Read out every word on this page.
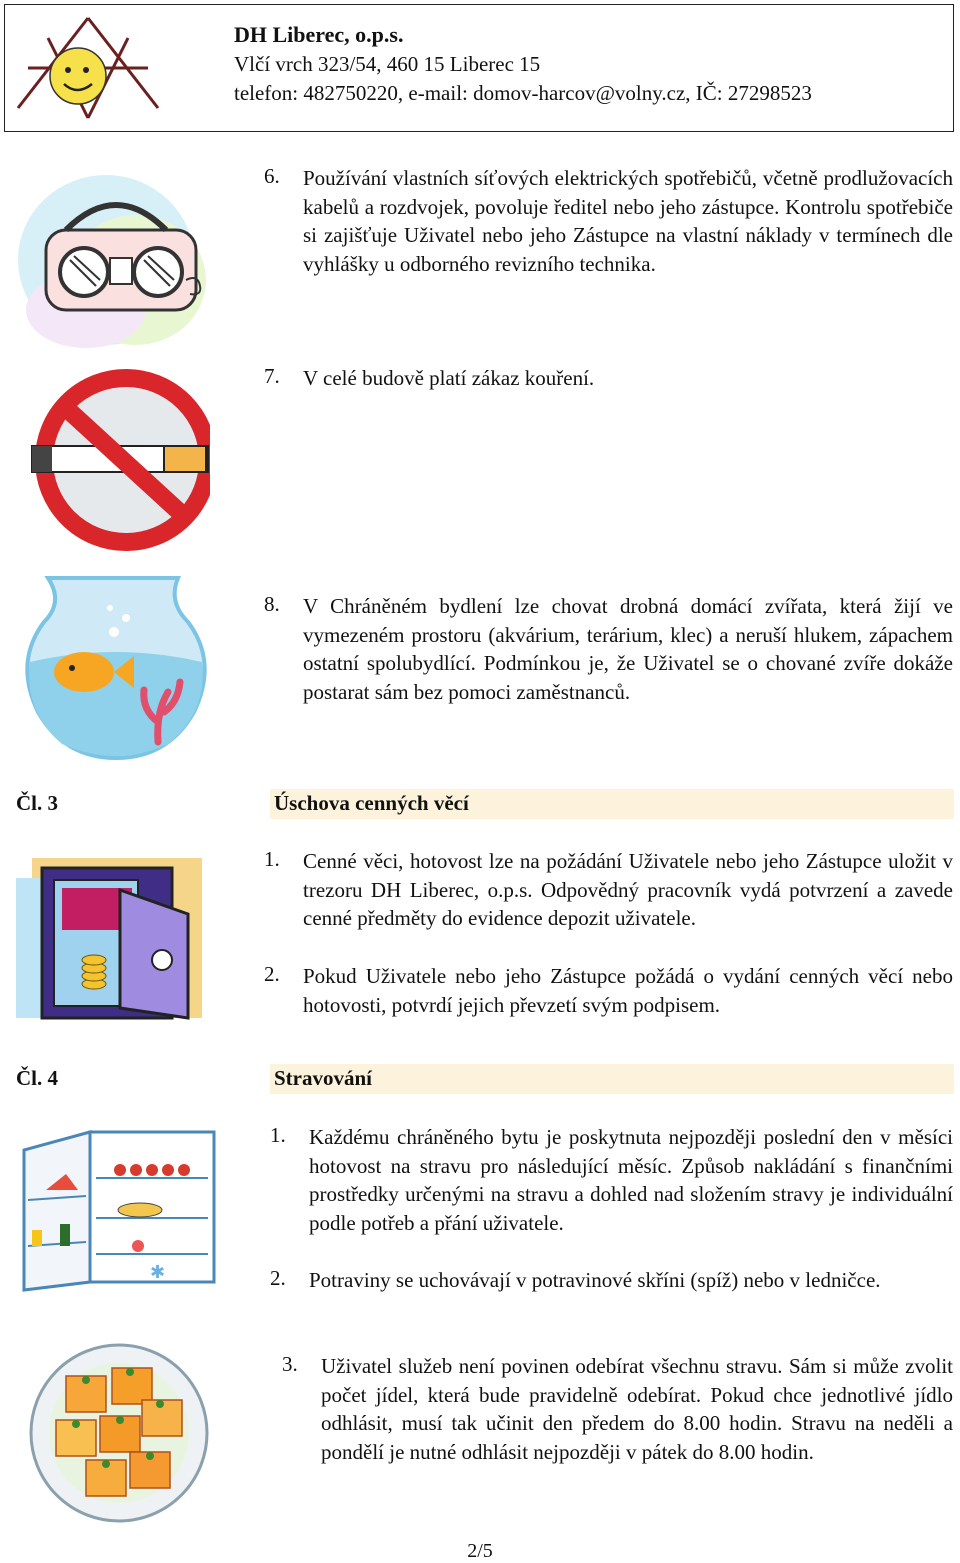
DH Liberec, o.p.s.
Vlčí vrch 323/54, 460 15 Liberec 15
telefon: 482750220, e-mail: domov-harcov@volny.cz, IČ: 27298523
6. Používání vlastních síťových elektrických spotřebičů, včetně prodlužovacích kabelů a rozdvojek, povoluje ředitel nebo jeho zástupce. Kontrolu spotřebiče si zajišťuje Uživatel nebo jeho Zástupce na vlastní náklady v termínech dle vyhlášky u odborného revizního technika.
7. V celé budově platí zákaz kouření.
8. V Chráněném bydlení lze chovat drobná domácí zvířata, která žijí ve vymezeném prostoru (akvárium, terárium, klec) a neruší hlukem, zápachem ostatní spolubydlící. Podmínkou je, že Uživatel se o chované zvíře dokáže postarat sám bez pomoci zaměstnanců.
Čl. 3	Úschova cenných věcí
1. Cenné věci, hotovost lze na požádání Uživatele nebo jeho Zástupce uložit v trezoru DH Liberec, o.p.s. Odpovědný pracovník vydá potvrzení a zavede cenné předměty do evidence depozit uživatele.
2. Pokud Uživatele nebo jeho Zástupce požádá o vydání cenných věcí nebo hotovosti, potvrdí jejich převzetí svým podpisem.
Čl. 4	Stravování
✱
1. Každému chráněného bytu je poskytnuta nejpozději poslední den v měsíci hotovost na stravu pro následující měsíc. Způsob nakládání s finančními prostředky určenými na stravu a dohled nad složením stravy je individuální podle potřeb a přání uživatele.
2. Potraviny se uchovávají v potravinové skříni (spíž) nebo v ledničce.
3. Uživatel služeb není povinen odebírat všechnu stravu. Sám si může zvolit počet jídel, která bude pravidelně odebírat. Pokud chce jednotlivé jídlo odhlásit, musí tak učinit den předem do 8.00 hodin. Stravu na neděli a pondělí je nutné odhlásit nejpozději v pátek do 8.00 hodin.
2/5
